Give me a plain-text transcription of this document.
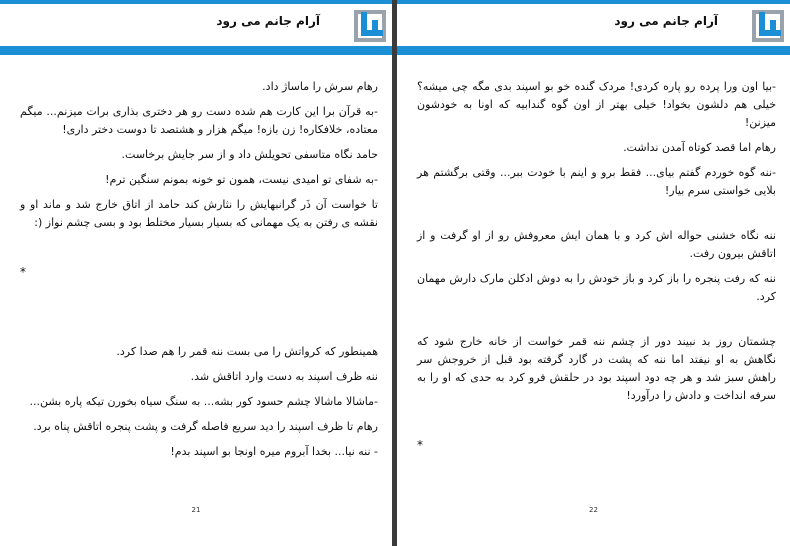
آرام جانم می رود

رهام سرش را ماساژ داد.

-به قرآن برا این کارت هم شده دست رو هر دختری بذاری برات میزنم... میگم معتاده، خلافکاره! زن بازه! میگم هزار و هشتصد تا دوست دختر داری!

حامد نگاه متاسفی تحویلش داد و از سر جایش برخاست.

-به شفای تو امیدی نیست، همون تو خونه بمونم سنگین ترم!

تا خواست آن ذَر گرانبهایش را نثارش کند حامد از اتاق خارج شد و ماند او و نقشه ی رفتن به یک مهمانی که بسیار بسیار مختلط بود و بسی چشم نواز (:

*

همینطور که کرواتش را می بست ننه قمر را هم صدا کرد.

ننه ظرف اسپند به دست وارد اتاقش شد.

-ماشالا ماشالا چشم حسود کور بشه... به سنگ سیاه بخورن تیکه پاره بشن...

رهام تا ظرف اسپند را دید سریع فاصله گرفت و پشت پنجره اتاقش پناه برد.

- ننه نیا... بخدا آبروم میره اونجا بو اسپند بدم!

21
آرام جانم می رود

-بیا اون ورا پرده رو پاره کردی! مردک گنده خو بو اسپند بدی مگه چی میشه؟ خیلی هم دلشون بخواد! خیلی بهتر از اون گوه گندابیه که اونا به خودشون میزنن!

رهام اما قصد کوتاه آمدن نداشت.

-ننه گوه خوردم گفتم بیای... فقط برو و اینم با خودت ببر... وقتی برگشتم هر بلایی خواستی سرم بیار!

ننه نگاه خشنی حواله اش کرد و با همان ایش معروفش رو از او گرفت و از اتاقش بیرون رفت.

ننه که رفت پنجره را باز کرد و باز خودش را به دوش ادکلن مارک دارش مهمان کرد.

چشمتان روز بد نبیند دور از چشم ننه قمر خواست از خانه خارج شود که نگاهش به او نیفتد اما ننه که پشت در گارد گرفته بود قبل از خروجش سر راهش سبز شد و هر چه دود اسپند بود در حلقش فرو کرد به حدی که او را به سرفه انداخت و دادش را درآورد!

*

22
